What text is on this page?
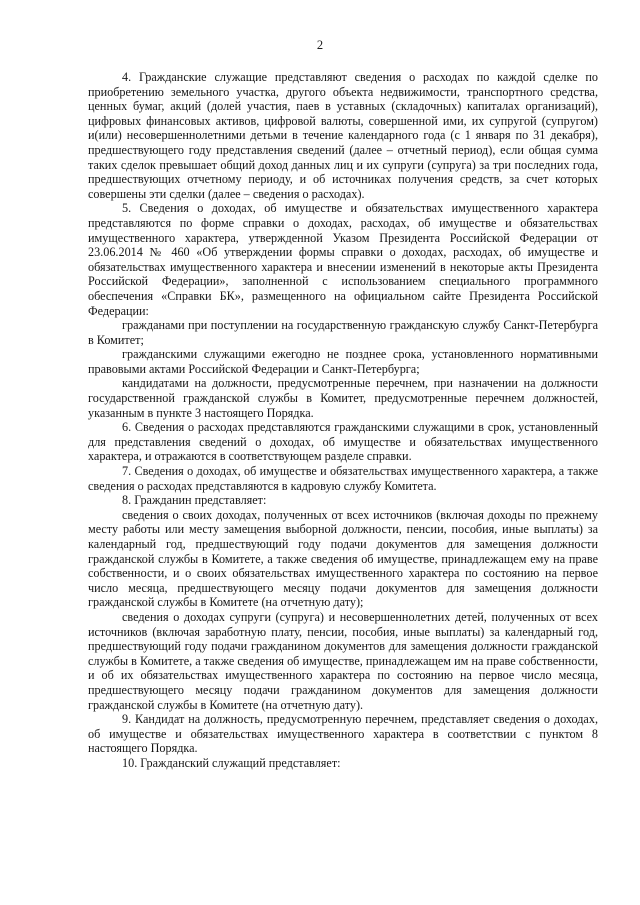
2

4. Гражданские служащие представляют сведения о расходах по каждой сделке по приобретению земельного участка, другого объекта недвижимости, транспортного средства, ценных бумаг, акций (долей участия, паев в уставных (складочных) капиталах организаций), цифровых финансовых активов, цифровой валюты, совершенной ими, их супругой (супругом) и(или) несовершеннолетними детьми в течение календарного года (с 1 января по 31 декабря), предшествующего году представления сведений (далее – отчетный период), если общая сумма таких сделок превышает общий доход данных лиц и их супруги (супруга) за три последних года, предшествующих отчетному периоду, и об источниках получения средств, за счет которых совершены эти сделки (далее – сведения о расходах).

5. Сведения о доходах, об имуществе и обязательствах имущественного характера представляются по форме справки о доходах, расходах, об имуществе и обязательствах имущественного характера, утвержденной Указом Президента Российской Федерации от 23.06.2014 № 460 «Об утверждении формы справки о доходах, расходах, об имуществе и обязательствах имущественного характера и внесении изменений в некоторые акты Президента Российской Федерации», заполненной с использованием специального программного обеспечения «Справки БК», размещенного на официальном сайте Президента Российской Федерации:

гражданами при поступлении на государственную гражданскую службу Санкт-Петербурга в Комитет;

гражданскими служащими ежегодно не позднее срока, установленного нормативными правовыми актами Российской Федерации и Санкт-Петербурга;

кандидатами на должности, предусмотренные перечнем, при назначении на должности государственной гражданской службы в Комитет, предусмотренные перечнем должностей, указанным в пункте 3 настоящего Порядка.

6. Сведения о расходах представляются гражданскими служащими в срок, установленный для представления сведений о доходах, об имуществе и обязательствах имущественного характера, и отражаются в соответствующем разделе справки.

7. Сведения о доходах, об имуществе и обязательствах имущественного характера, а также сведения о расходах представляются в кадровую службу Комитета.

8. Гражданин представляет:

сведения о своих доходах, полученных от всех источников (включая доходы по прежнему месту работы или месту замещения выборной должности, пенсии, пособия, иные выплаты) за календарный год, предшествующий году подачи документов для замещения должности гражданской службы в Комитете, а также сведения об имуществе, принадлежащем ему на праве собственности, и о своих обязательствах имущественного характера по состоянию на первое число месяца, предшествующего месяцу подачи документов для замещения должности гражданской службы в Комитете (на отчетную дату);

сведения о доходах супруги (супруга) и несовершеннолетних детей, полученных от всех источников (включая заработную плату, пенсии, пособия, иные выплаты) за календарный год, предшествующий году подачи гражданином документов для замещения должности гражданской службы в Комитете, а также сведения об имуществе, принадлежащем им на праве собственности, и об их обязательствах имущественного характера по состоянию на первое число месяца, предшествующего месяцу подачи гражданином документов для замещения должности гражданской службы в Комитете (на отчетную дату).

9. Кандидат на должность, предусмотренную перечнем, представляет сведения о доходах, об имуществе и обязательствах имущественного характера в соответствии с пунктом 8 настоящего Порядка.

10. Гражданский служащий представляет:
